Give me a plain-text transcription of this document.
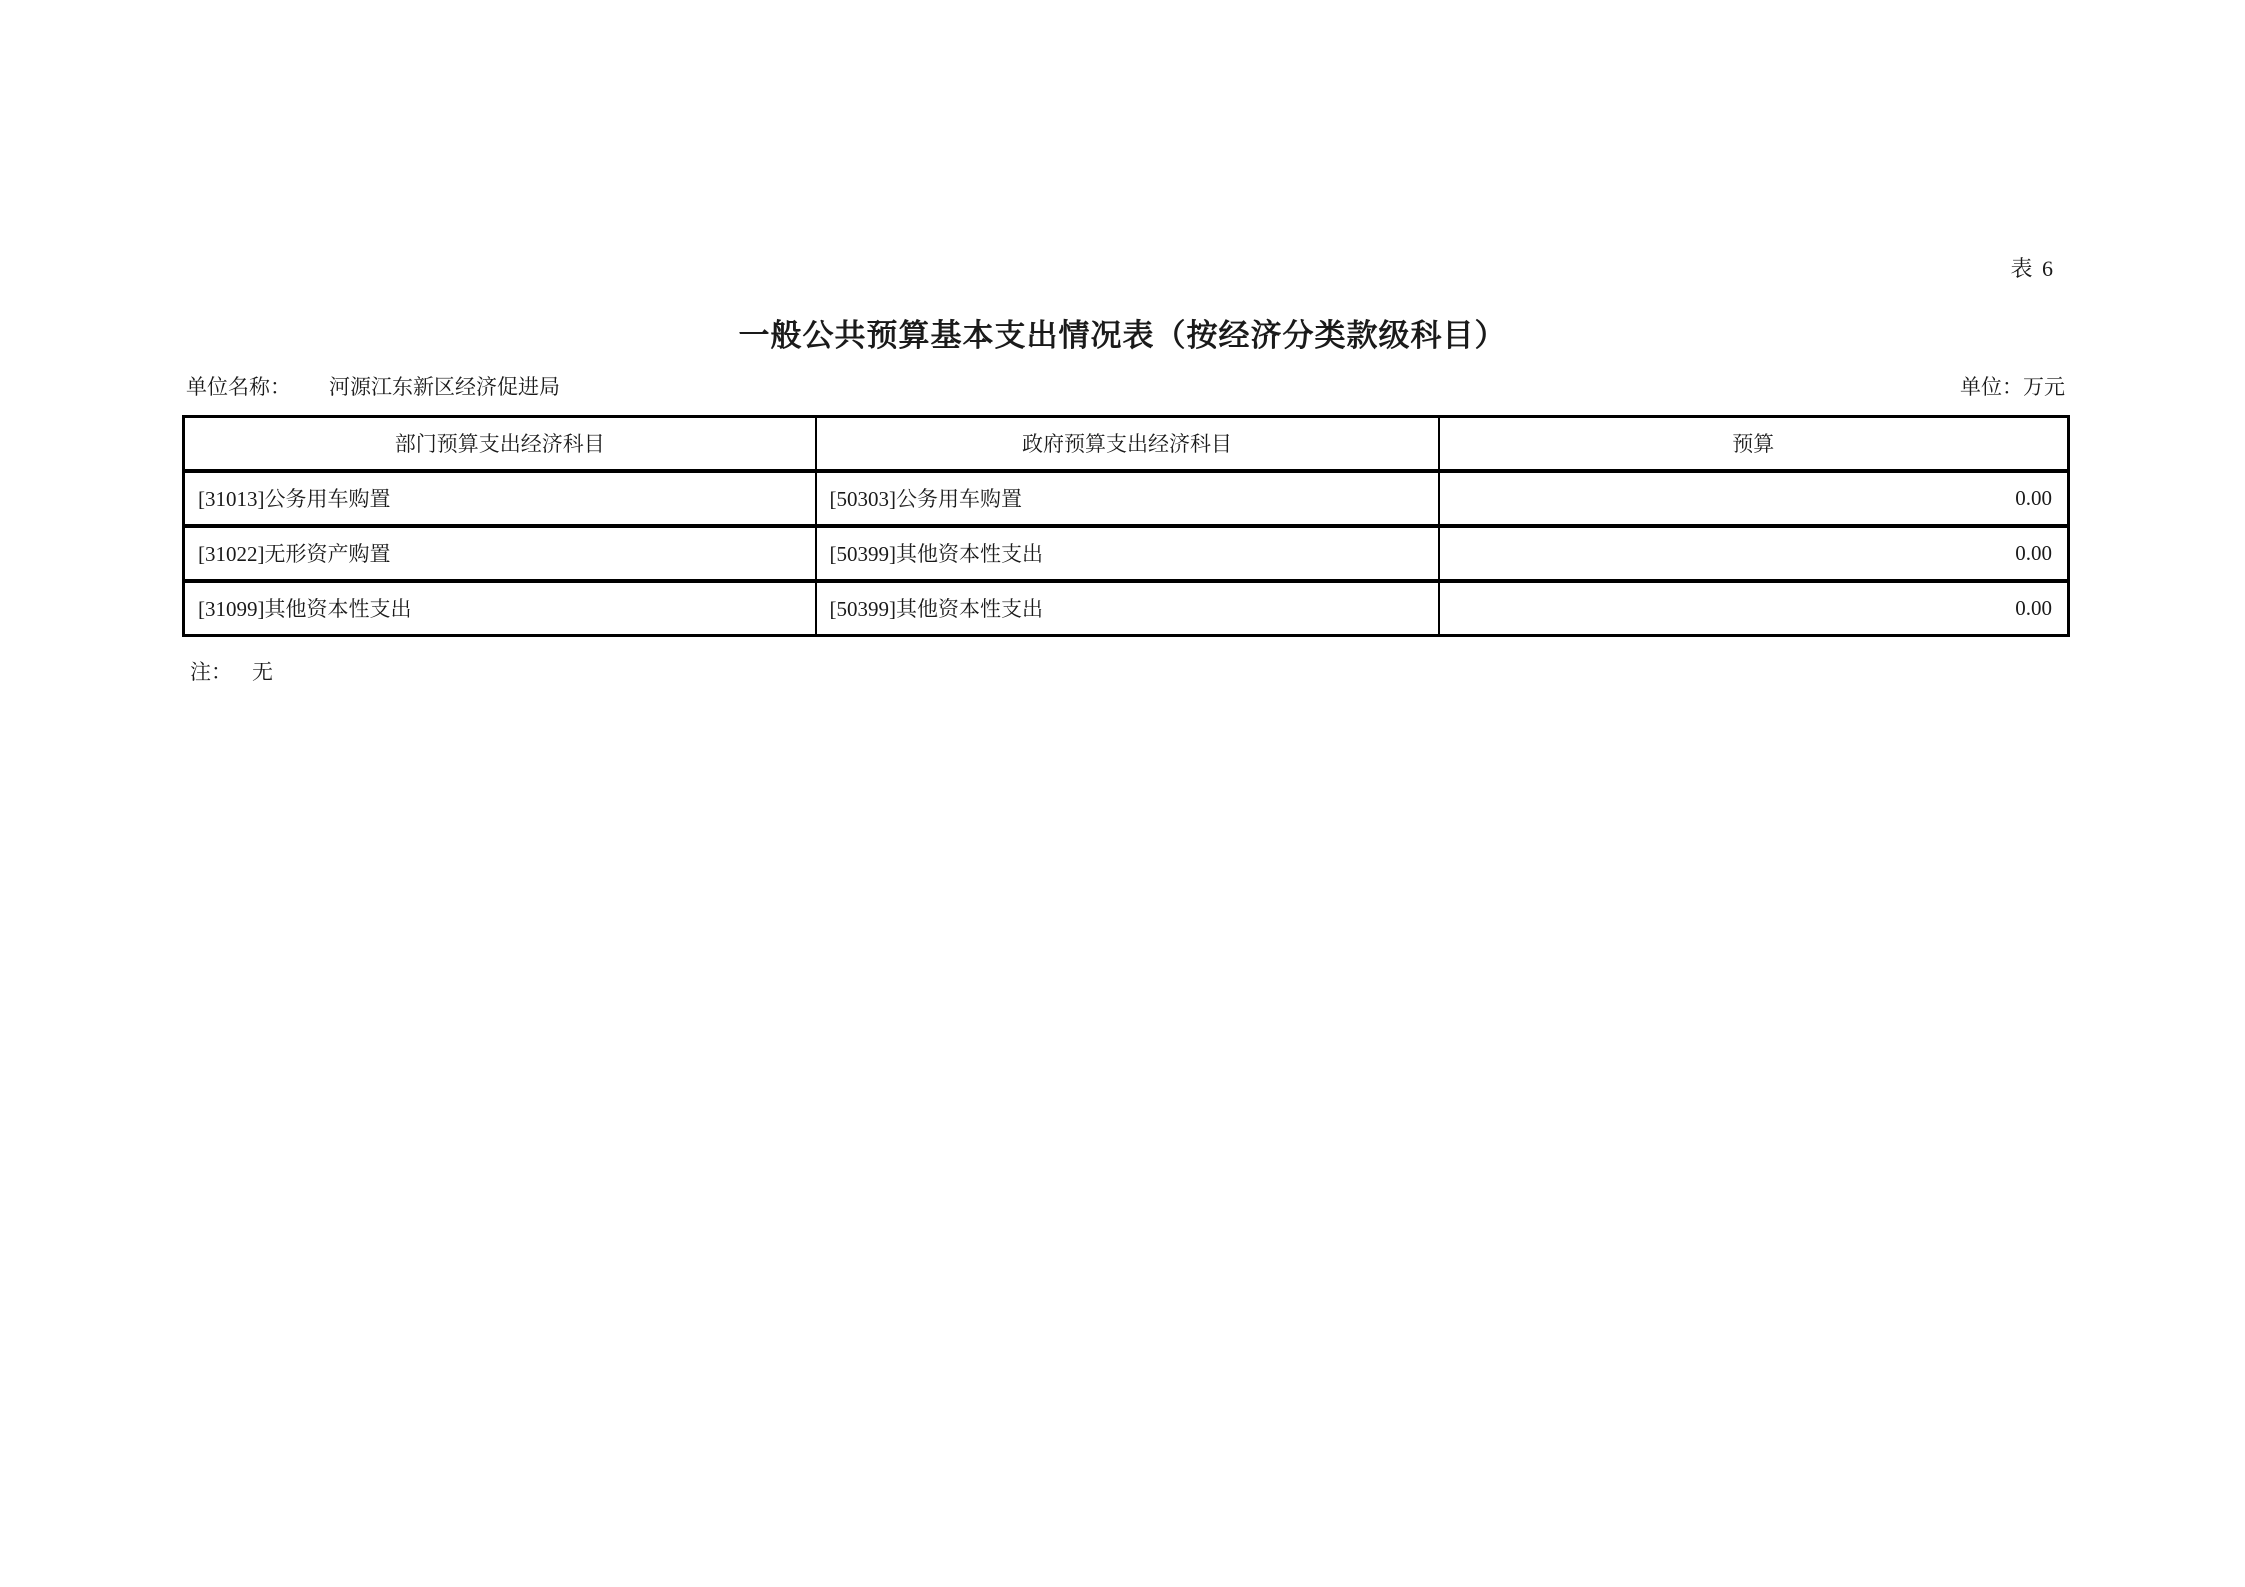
表 6
一般公共预算基本支出情况表（按经济分类款级科目）
单位名称： 河源江东新区经济促进局	单位：万元
部门预算支出经济科目	政府预算支出经济科目	预算
[31013]公务用车购置	[50303]公务用车购置	0.00
[31022]无形资产购置	[50399]其他资本性支出	0.00
[31099]其他资本性支出	[50399]其他资本性支出	0.00
注： 无
